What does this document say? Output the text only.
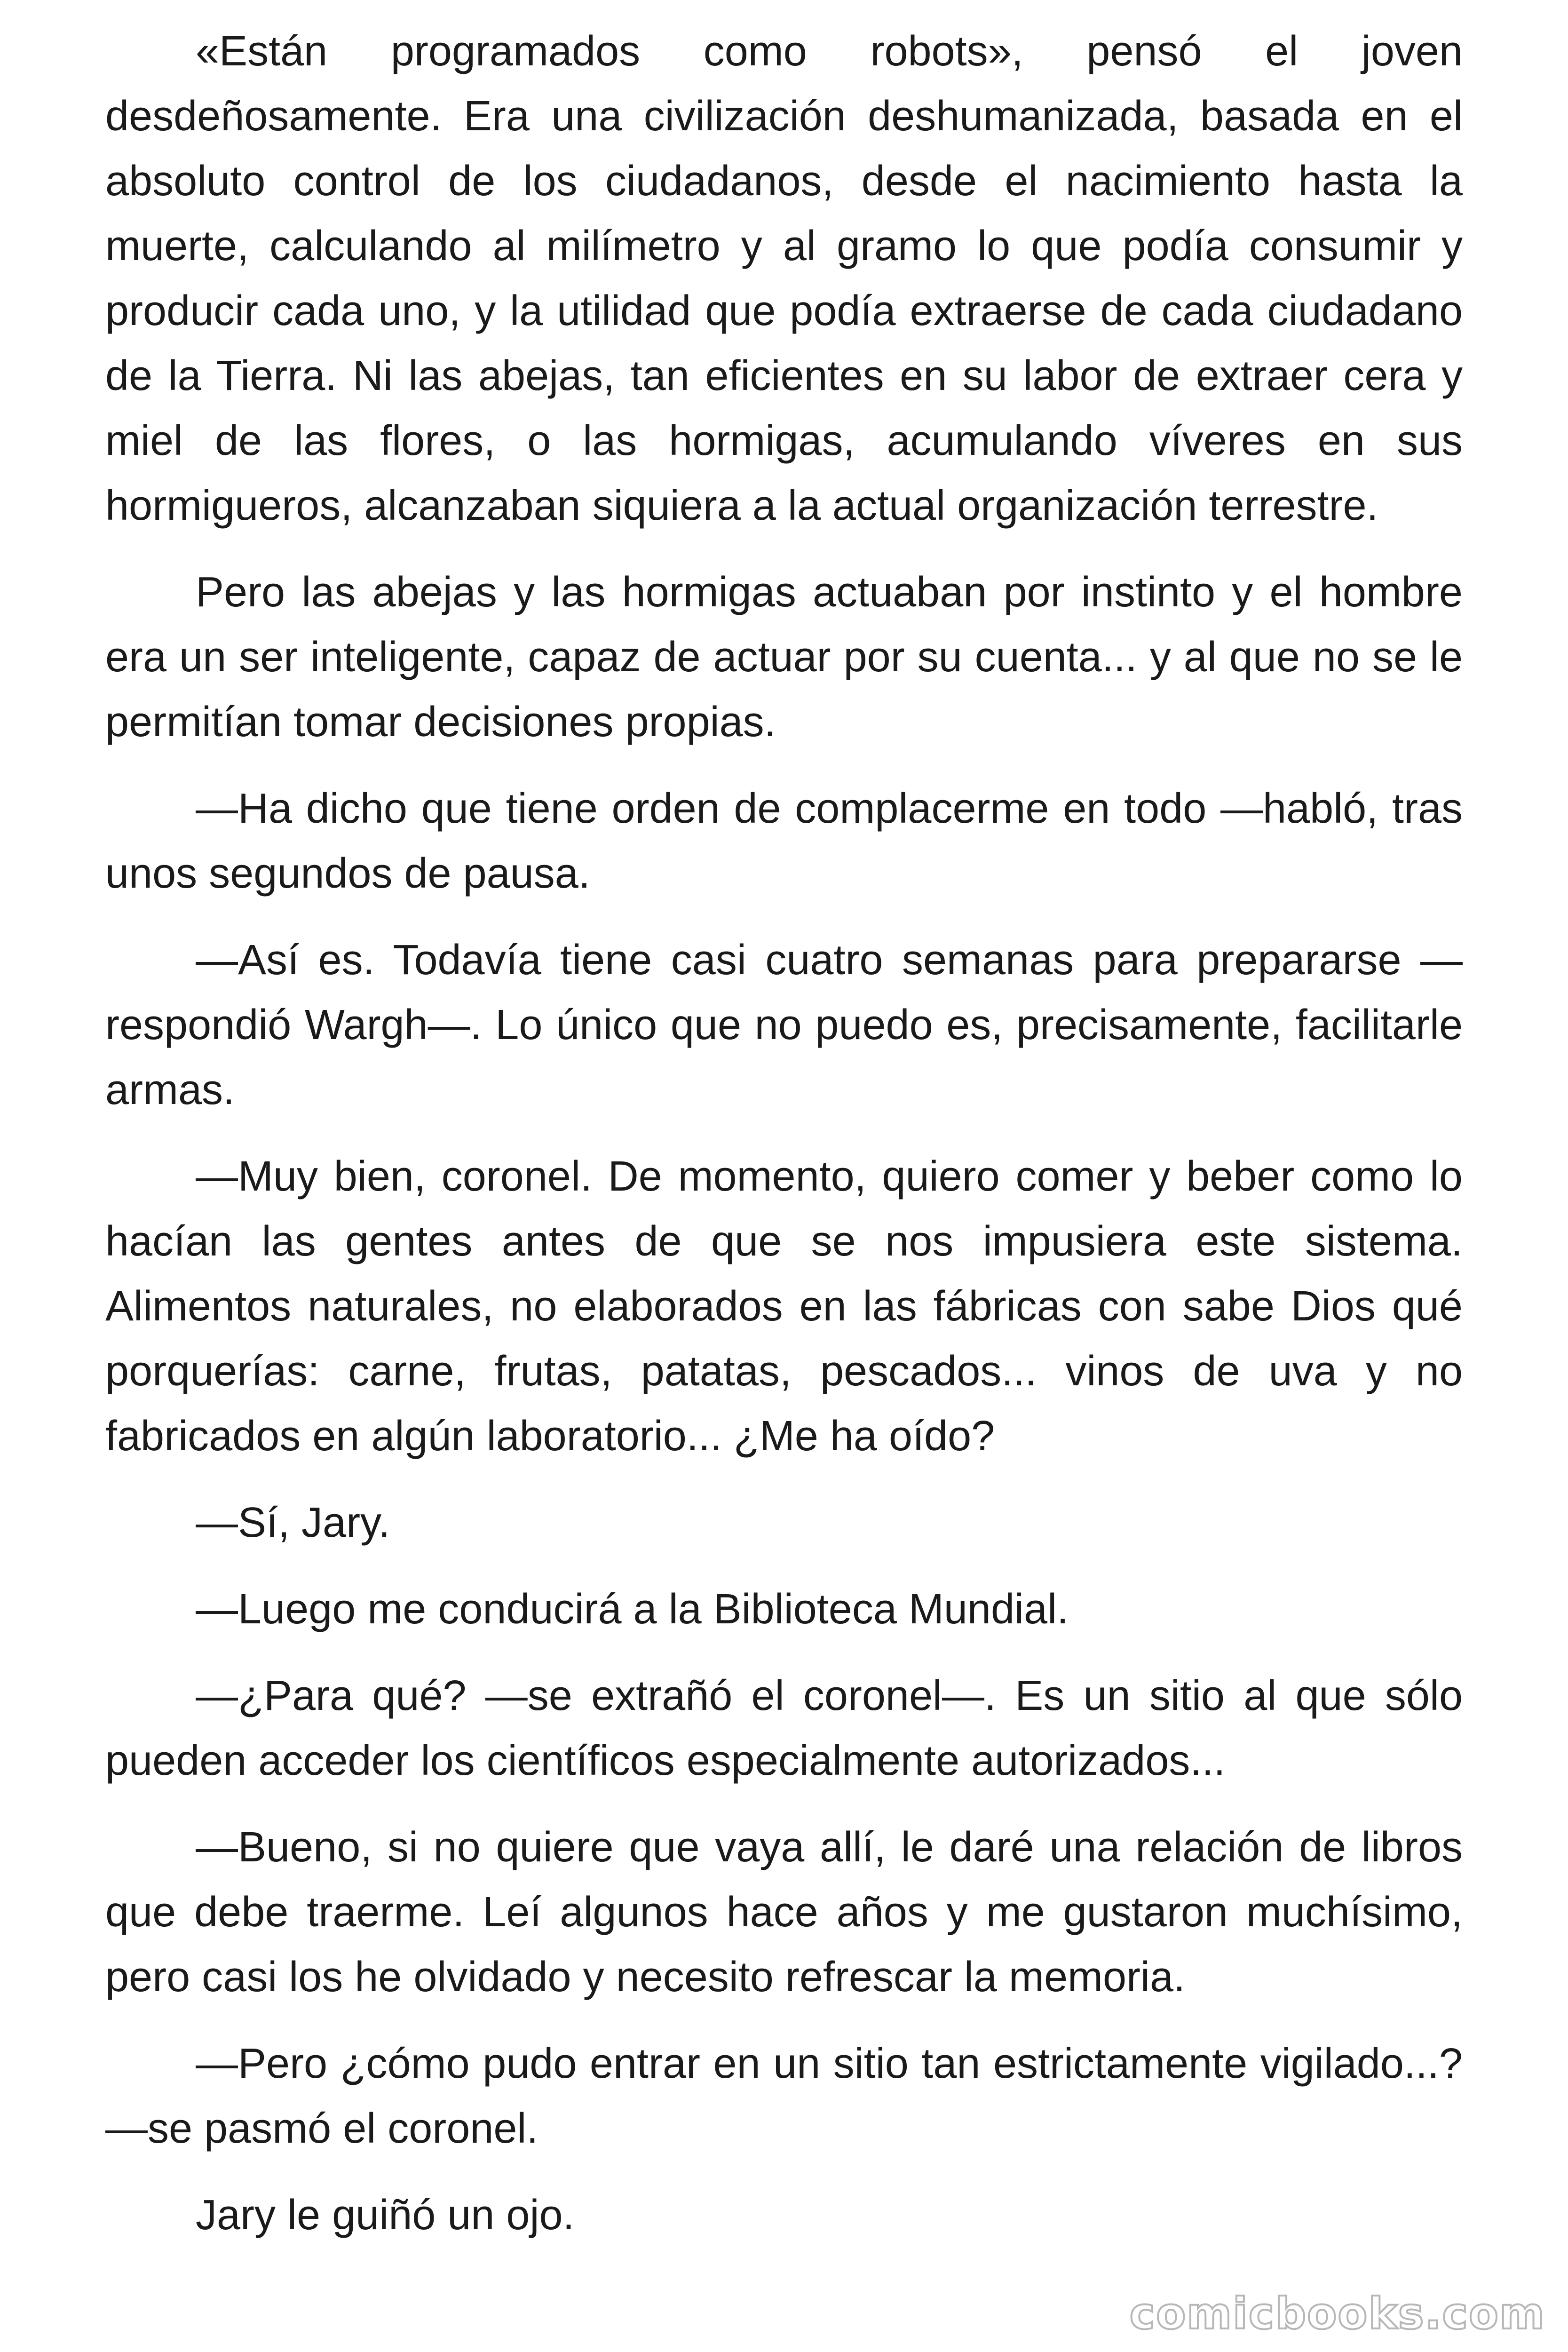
«Están programados como robots», pensó el joven desdeñosamente. Era una civilización deshumanizada, basada en el absoluto control de los ciudadanos, desde el nacimiento hasta la muerte, calculando al milímetro y al gramo lo que podía consumir y producir cada uno, y la utilidad que podía extraerse de cada ciudadano de la Tierra. Ni las abejas, tan eficientes en su labor de extraer cera y miel de las flores, o las hormigas, acumulando víveres en sus hormigueros, alcanzaban siquiera a la actual organización terrestre.

Pero las abejas y las hormigas actuaban por instinto y el hombre era un ser inteligente, capaz de actuar por su cuenta... y al que no se le permitían tomar decisiones propias.

—Ha dicho que tiene orden de complacerme en todo —habló, tras unos segundos de pausa.

—Así es. Todavía tiene casi cuatro semanas para prepararse —respondió Wargh—. Lo único que no puedo es, precisamente, facilitarle armas.

—Muy bien, coronel. De momento, quiero comer y beber como lo hacían las gentes antes de que se nos impusiera este sistema. Alimentos naturales, no elaborados en las fábricas con sabe Dios qué porquerías: carne, frutas, patatas, pescados... vinos de uva y no fabricados en algún laboratorio... ¿Me ha oído?

—Sí, Jary.

—Luego me conducirá a la Biblioteca Mundial.

—¿Para qué? —se extrañó el coronel—. Es un sitio al que sólo pueden acceder los científicos especialmente autorizados...

—Bueno, si no quiere que vaya allí, le daré una relación de libros que debe traerme. Leí algunos hace años y me gustaron muchísimo, pero casi los he olvidado y necesito refrescar la memoria.

—Pero ¿cómo pudo entrar en un sitio tan estrictamente vigilado...? —se pasmó el coronel.

Jary le guiñó un ojo.

comicbooks.com
